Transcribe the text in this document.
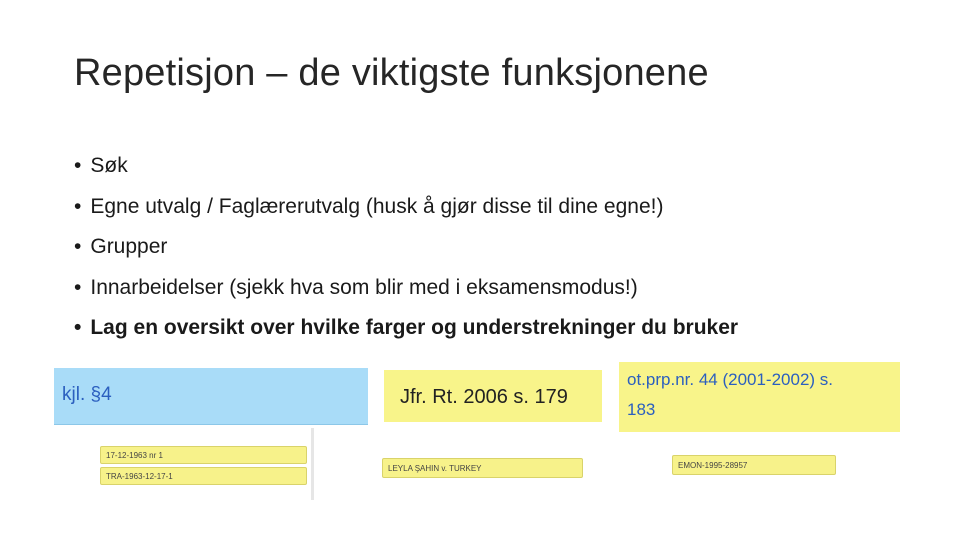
Repetisjon – de viktigste funksjonene
• Søk
• Egne utvalg / Faglærerutvalg (husk å gjør disse til dine egne!)
• Grupper
• Innarbeidelser (sjekk hva som blir med i eksamensmodus!)
• Lag en oversikt over hvilke farger og understrekninger du bruker
kjl. §4	Jfr. Rt. 2006 s. 179
ot.prp.nr. 44 (2001-2002) s.
183
17-12-1963 nr 1
TRA-1963-12-17-1
LEYLA ŞAHIN v. TURKEY	EMON-1995-28957
